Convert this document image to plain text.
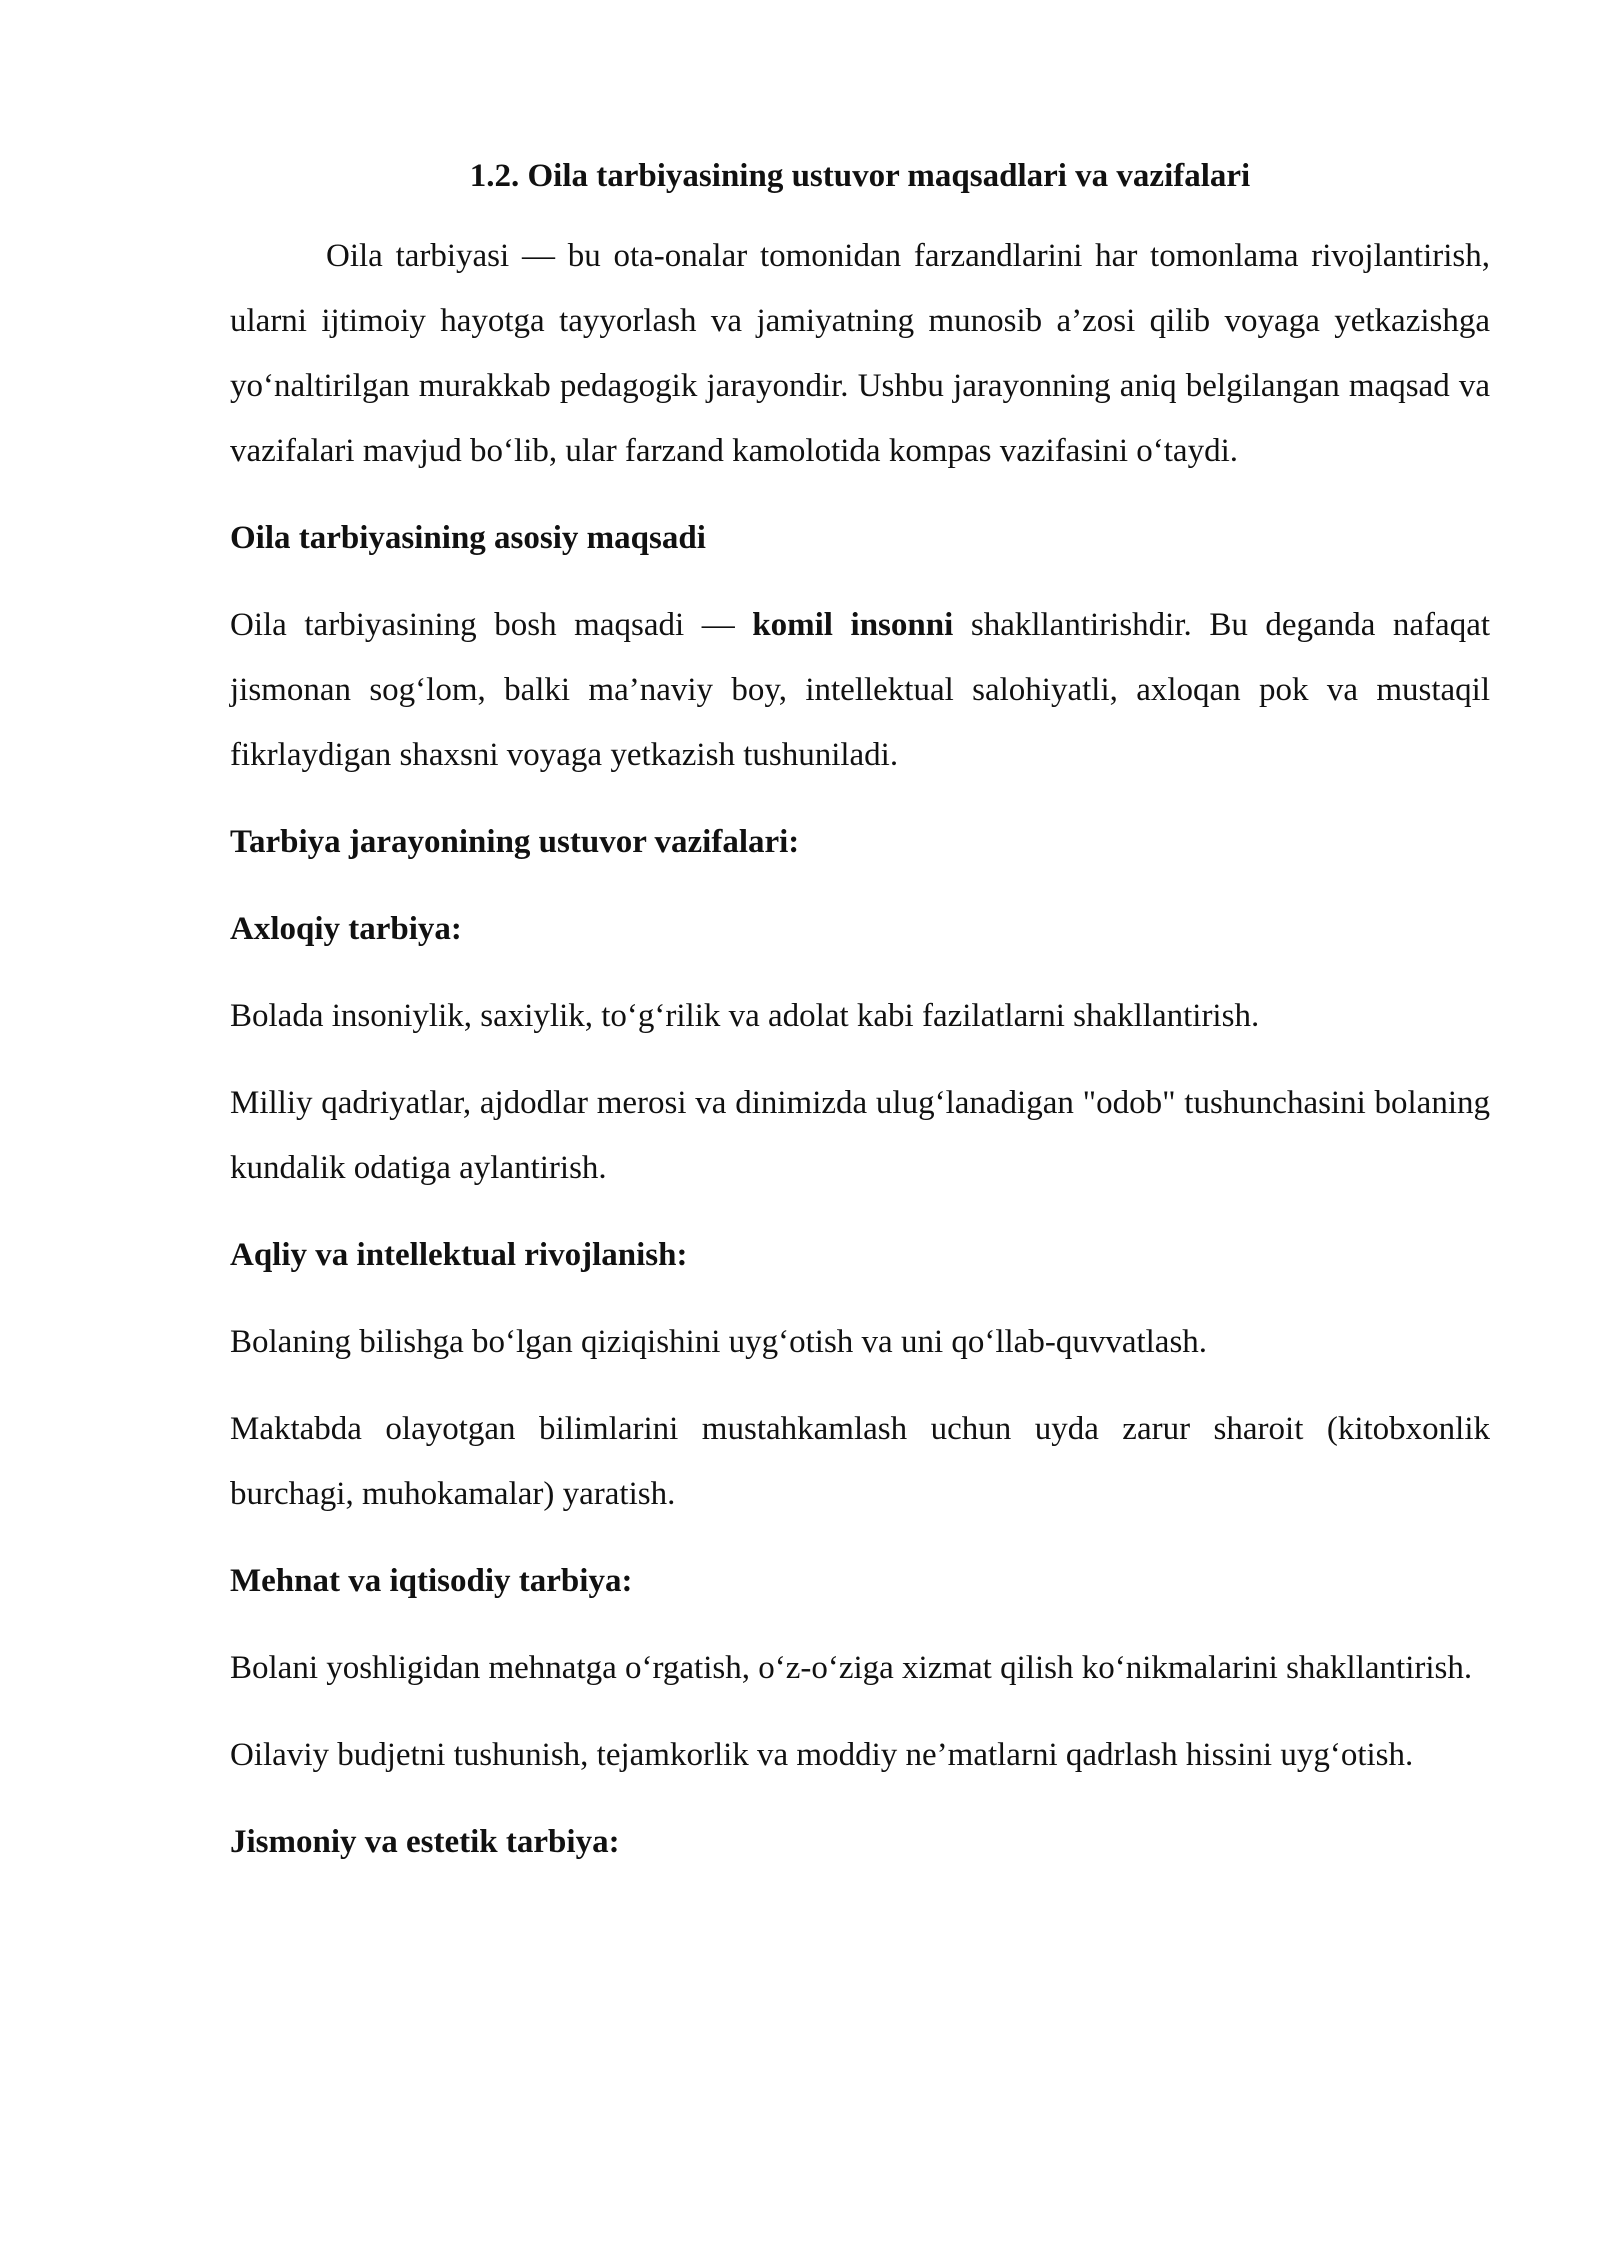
1.2. Oila tarbiyasining ustuvor maqsadlari va vazifalari

Oila tarbiyasi — bu ota-onalar tomonidan farzandlarini har tomonlama rivojlantirish, ularni ijtimoiy hayotga tayyorlash va jamiyatning munosib a’zosi qilib voyaga yetkazishga yo‘naltirilgan murakkab pedagogik jarayondir. Ushbu jarayonning aniq belgilangan maqsad va vazifalari mavjud bo‘lib, ular farzand kamolotida kompas vazifasini o‘taydi.

Oila tarbiyasining asosiy maqsadi

Oila tarbiyasining bosh maqsadi — komil insonni shakllantirishdir. Bu deganda nafaqat jismonan sog‘lom, balki ma’naviy boy, intellektual salohiyatli, axloqan pok va mustaqil fikrlaydigan shaxsni voyaga yetkazish tushuniladi.

Tarbiya jarayonining ustuvor vazifalari:

Axloqiy tarbiya:

Bolada insoniylik, saxiylik, to‘g‘rilik va adolat kabi fazilatlarni shakllantirish.

Milliy qadriyatlar, ajdodlar merosi va dinimizda ulug‘lanadigan "odob" tushunchasini bolaning kundalik odatiga aylantirish.

Aqliy va intellektual rivojlanish:

Bolaning bilishga bo‘lgan qiziqishini uyg‘otish va uni qo‘llab-quvvatlash.

Maktabda olayotgan bilimlarini mustahkamlash uchun uyda zarur sharoit (kitobxonlik burchagi, muhokamalar) yaratish.

Mehnat va iqtisodiy tarbiya:

Bolani yoshligidan mehnatga o‘rgatish, o‘z-o‘ziga xizmat qilish ko‘nikmalarini shakllantirish.

Oilaviy budjetni tushunish, tejamkorlik va moddiy ne’matlarni qadrlash hissini uyg‘otish.

Jismoniy va estetik tarbiya:
